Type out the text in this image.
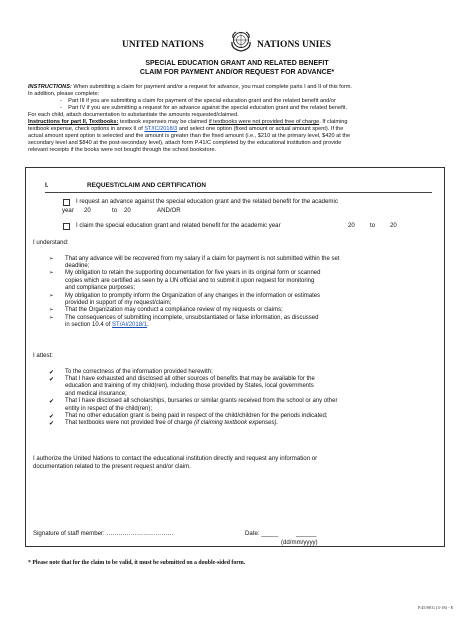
UNITED NATIONS	NATIONS UNIES
SPECIAL EDUCATION GRANT AND RELATED BENEFIT
CLAIM FOR PAYMENT AND/OR REQUEST FOR ADVANCE*
INSTRUCTIONS: When submitting a claim for payment and/or a request for advance, you must complete parts I and II of this form.
In addition, please complete:
-    Part III if you are submitting a claim for payment of the special education grant and the related benefit and/or
-    Part IV if you are submitting a request for an advance against the special education grant and the related benefit.
For each child, attach documentation to substantiate the amounts requested/claimed.
Instructions for part II, Textbooks: textbook expenses may be claimed if textbooks were not provided free of charge. If claiming
textbook expense, check options in annex II of ST/IC/2018/3 and select one option (fixed amount or actual amount spent). If the
actual amount spent option is selected and the amount is greater than the fixed amount (i.e., $210 at the primary level, $420 at the
secondary level and $840 at the post-secondary level), attach form P.41/C completed by the educational institution and provide
relevant receipts if the books were not bought through the school bookstore.
I.	REQUEST/CLAIM AND CERTIFICATION
I request an advance against the special education grant and the related benefit for the academic
year 20	to 20	AND/OR
I claim the special education grant and related benefit for the academic year	20 to 20
I understand:
I attest:
I authorize the United Nations to contact the educational institution directly and request any information or
documentation related to the present request and/or claim.
Signature of staff member: ……………………………	Date: _____	______
(dd/mm/yyyy)
* Please note that for the claim to be valid, it must be submitted on a double-sided form.
P.45/SEG (3-18) - E
➢ That any advance will be recovered from my salary if a claim for payment is not submitted within the set
deadline;
➢ My obligation to retain the supporting documentation for five years in its original form or scanned
copies which are certified as seen by a UN official and to submit it upon request for monitoring
and compliance purposes;
➢ My obligation to promptly inform the Organization of any changes in the information or estimates
provided in support of my request/claim;
➢ That the Organization may conduct a compliance review of my requests or claims;
➢ The consequences of submitting incomplete, unsubstantiated or false information, as discussed
in section 10.4 of ST/AI/2018/1.
✔ To the correctness of the information provided herewith;
✔ That I have exhausted and disclosed all other sources of benefits that may be available for the
education and training of my child(ren), including those provided by States, local governments
and medical insurance;
✔ That I have disclosed all scholarships, bursaries or similar grants received from the school or any other
entity in respect of the child(ren);
✔ That no other education grant is being paid in respect of the child/children for the periods indicated;
✔ That textbooks were not provided free of charge (if claiming textbook expenses).
